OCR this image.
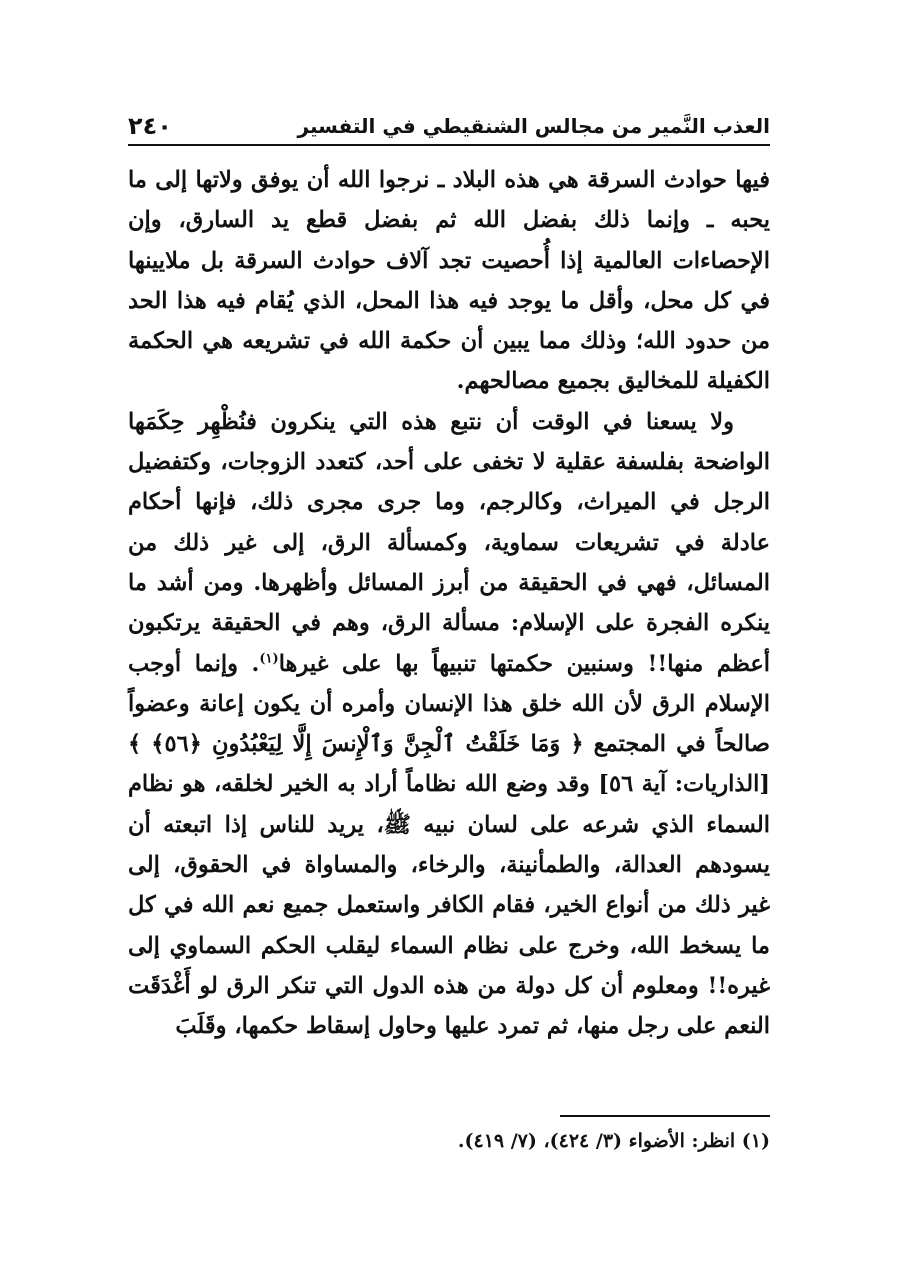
٢٤٠	العذب النَّمير من مجالس الشنقيطي في التفسير

فيها حوادث السرقة هي هذه البلاد ـ نرجوا الله أن يوفق ولاتها إلى ما يحبه ـ وإنما ذلك بفضل الله ثم بفضل قطع يد السارق، وإن الإحصاءات العالمية إذا أُحصيت تجد آلاف حوادث السرقة بل ملايينها في كل محل، وأقل ما يوجد فيه هذا المحل، الذي يُقام فيه هذا الحد من حدود الله؛ وذلك مما يبين أن حكمة الله في تشريعه هي الحكمة الكفيلة للمخاليق بجميع مصالحهم.

ولا يسعنا في الوقت أن نتبع هذه التي ينكرون فنُظْهِر حِكَمَها الواضحة بفلسفة عقلية لا تخفى على أحد، كتعدد الزوجات، وكتفضيل الرجل في الميراث، وكالرجم، وما جرى مجرى ذلك، فإنها أحكام عادلة في تشريعات سماوية، وكمسألة الرق، إلى غير ذلك من المسائل، فهي في الحقيقة من أبرز المسائل وأظهرها. ومن أشد ما ينكره الفجرة على الإسلام: مسألة الرق، وهم في الحقيقة يرتكبون أعظم منها!! وسنبين حكمتها تنبيهاً بها على غيرها$^{(١)}$. وإنما أوجب الإسلام الرق لأن الله خلق هذا الإنسان وأمره أن يكون إعانة وعضواً صالحاً في المجتمع ﴿ وَمَا خَلَقْتُ ٱلْجِنَّ وَٱلْإِنسَ إِلَّا لِيَعْبُدُونِ ﴿٥٦﴾ ﴾ [الذاريات: آية ٥٦] وقد وضع الله نظاماً أراد به الخير لخلقه، هو نظام السماء الذي شرعه على لسان نبيه ﷺ، يريد للناس إذا اتبعته أن يسودهم العدالة، والطمأنينة، والرخاء، والمساواة في الحقوق، إلى غير ذلك من أنواع الخير، فقام الكافر واستعمل جميع نعم الله في كل ما يسخط الله، وخرج على نظام السماء ليقلب الحكم السماوي إلى غيره!! ومعلوم أن كل دولة من هذه الدول التي تنكر الرق لو أَغْدَقَت النعم على رجل منها، ثم تمرد عليها وحاول إسقاط حكمها، وقَلَبَ

(١) انظر: الأضواء (٣/ ٤٢٤)، (٧/ ٤١٩).
